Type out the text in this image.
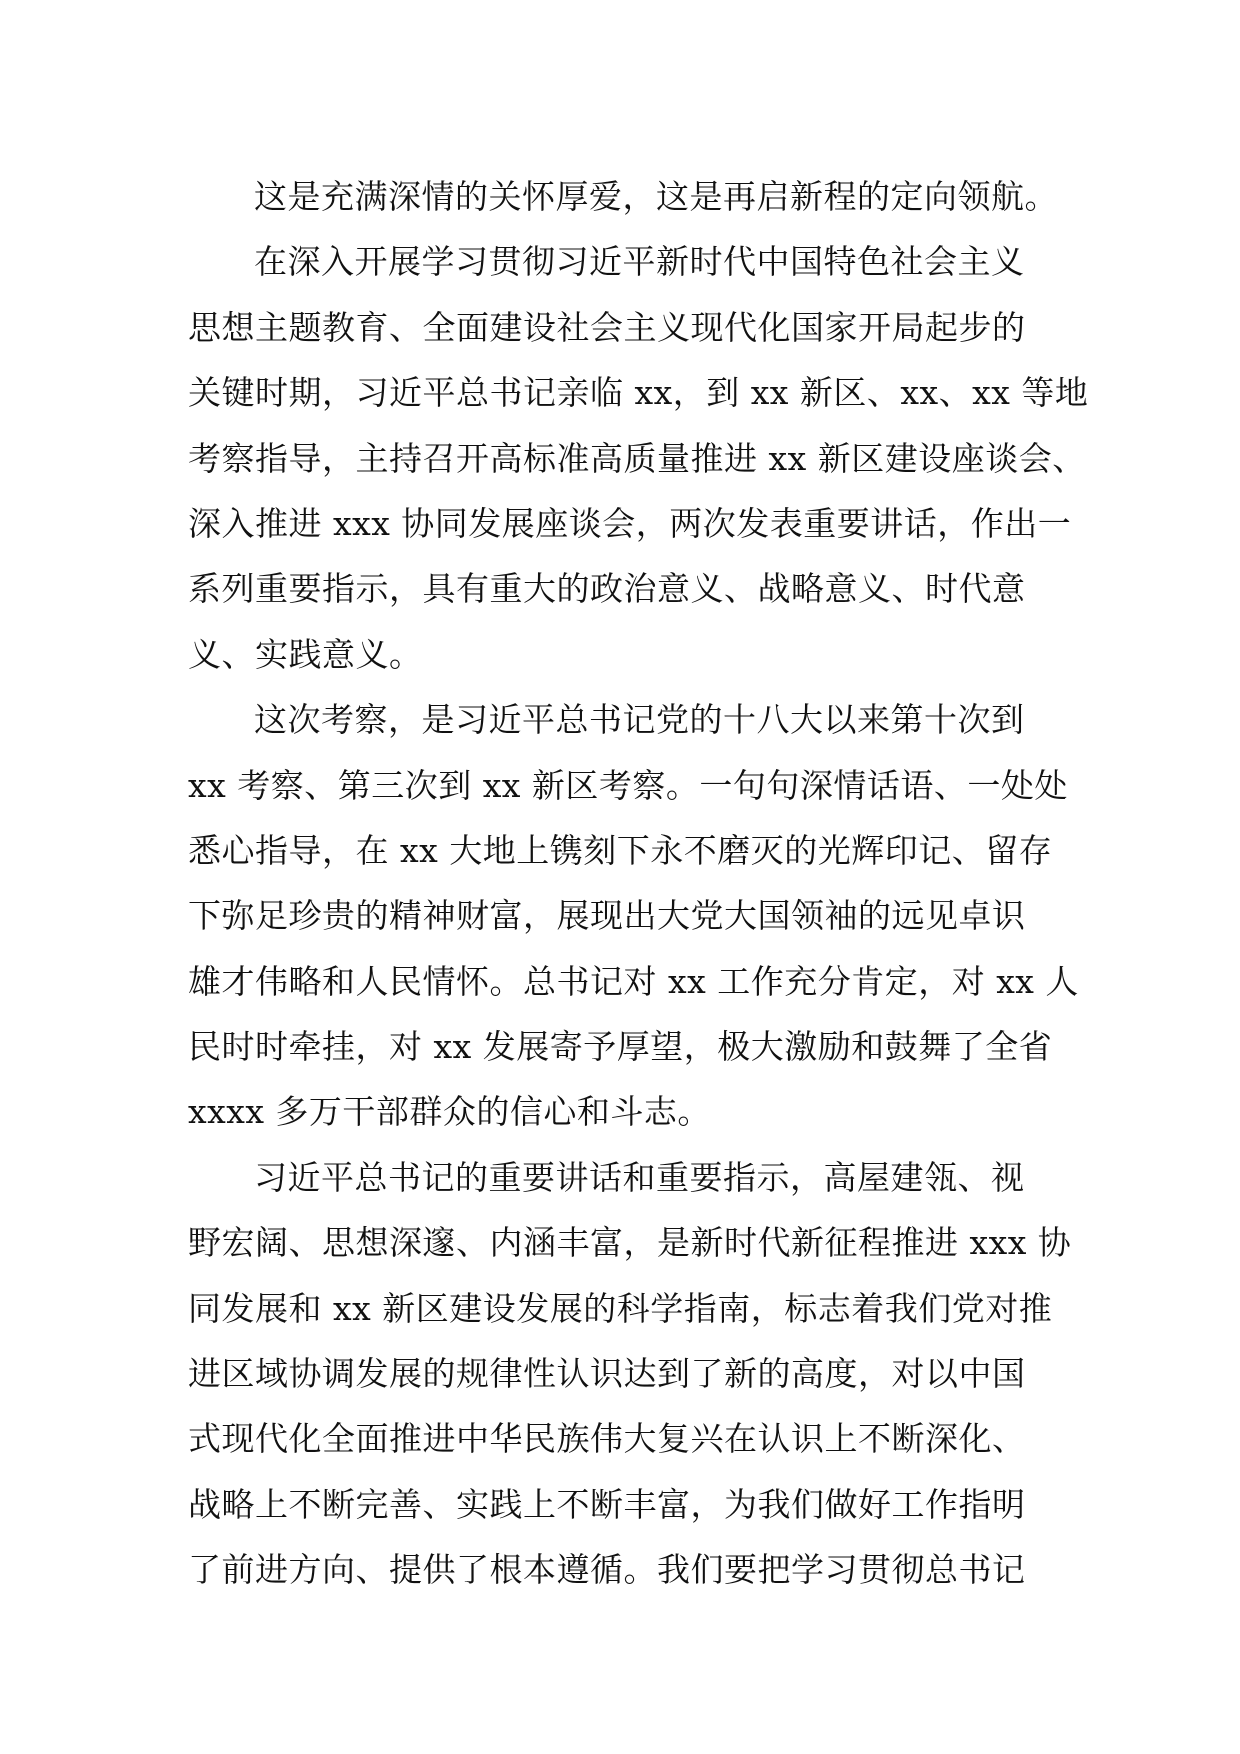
这是充满深情的关怀厚爱，这是再启新程的定向领航。
在深入开展学习贯彻习近平新时代中国特色社会主义
思想主题教育、全面建设社会主义现代化国家开局起步的
关键时期，习近平总书记亲临 xx，到 xx 新区、xx、xx 等地
考察指导，主持召开高标准高质量推进 xx 新区建设座谈会、
深入推进 xxx 协同发展座谈会，两次发表重要讲话，作出一
系列重要指示，具有重大的政治意义、战略意义、时代意
义、实践意义。
这次考察，是习近平总书记党的十八大以来第十次到
xx 考察、第三次到 xx 新区考察。一句句深情话语、一处处
悉心指导，在 xx 大地上镌刻下永不磨灭的光辉印记、留存
下弥足珍贵的精神财富，展现出大党大国领袖的远见卓识
雄才伟略和人民情怀。总书记对 xx 工作充分肯定，对 xx 人
民时时牵挂，对 xx 发展寄予厚望，极大激励和鼓舞了全省
xxxx 多万干部群众的信心和斗志。
习近平总书记的重要讲话和重要指示，高屋建瓴、视
野宏阔、思想深邃、内涵丰富，是新时代新征程推进 xxx 协
同发展和 xx 新区建设发展的科学指南，标志着我们党对推
进区域协调发展的规律性认识达到了新的高度，对以中国
式现代化全面推进中华民族伟大复兴在认识上不断深化、
战略上不断完善、实践上不断丰富，为我们做好工作指明
了前进方向、提供了根本遵循。我们要把学习贯彻总书记
